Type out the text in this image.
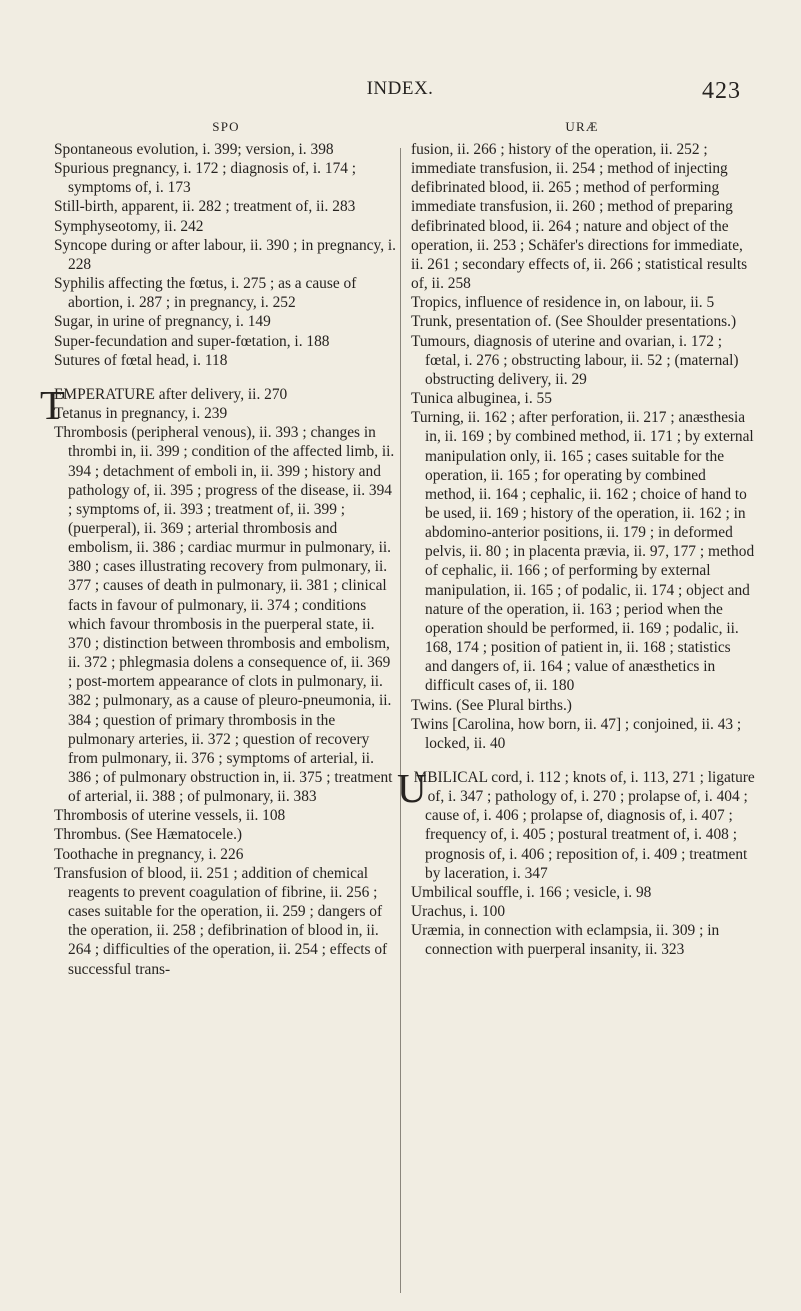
INDEX.	423
SPO	URÆ

Spontaneous evolution, i. 399; version, i. 398

Spurious pregnancy, i. 172 ; diagnosis of, i. 174 ; symptoms of, i. 173

Still-birth, apparent, ii. 282 ; treatment of, ii. 283

Symphyseotomy, ii. 242

Syncope during or after labour, ii. 390 ; in pregnancy, i. 228

Syphilis affecting the fœtus, i. 275 ; as a cause of abortion, i. 287 ; in pregnancy, i. 252

Sugar, in urine of pregnancy, i. 149

Super-fecundation and super-fœtation, i. 188

Sutures of fœtal head, i. 118

TEMPERATURE after delivery, ii. 270

Tetanus in pregnancy, i. 239

Thrombosis (peripheral venous), ii. 393 ; changes in thrombi in, ii. 399 ; condition of the affected limb, ii. 394 ; detachment of emboli in, ii. 399 ; history and pathology of, ii. 395 ; progress of the disease, ii. 394 ; symptoms of, ii. 393 ; treatment of, ii. 399 ; (puerperal), ii. 369 ; arterial thrombosis and embolism, ii. 386 ; cardiac murmur in pulmonary, ii. 380 ; cases illustrating recovery from pulmonary, ii. 377 ; causes of death in pulmonary, ii. 381 ; clinical facts in favour of pulmonary, ii. 374 ; conditions which favour thrombosis in the puerperal state, ii. 370 ; distinction between thrombosis and embolism, ii. 372 ; phlegmasia dolens a consequence of, ii. 369 ; post-mortem appearance of clots in pulmonary, ii. 382 ; pulmonary, as a cause of pleuro-pneumonia, ii. 384 ; question of primary thrombosis in the pulmonary arteries, ii. 372 ; question of recovery from pulmonary, ii. 376 ; symptoms of arterial, ii. 386 ; of pulmonary obstruction in, ii. 375 ; treatment of arterial, ii. 388 ; of pulmonary, ii. 383

Thrombosis of uterine vessels, ii. 108

Thrombus. (See Hæmatocele.)

Toothache in pregnancy, i. 226

Transfusion of blood, ii. 251 ; addition of chemical reagents to prevent coagulation of fibrine, ii. 256 ; cases suitable for the operation, ii. 259 ; dangers of the operation, ii. 258 ; defibrination of blood in, ii. 264 ; difficulties of the operation, ii. 254 ; effects of successful trans-

fusion, ii. 266 ; history of the operation, ii. 252 ; immediate transfusion, ii. 254 ; method of injecting defibrinated blood, ii. 265 ; method of performing immediate transfusion, ii. 260 ; method of preparing defibrinated blood, ii. 264 ; nature and object of the operation, ii. 253 ; Schäfer's directions for immediate, ii. 261 ; secondary effects of, ii. 266 ; statistical results of, ii. 258

Tropics, influence of residence in, on labour, ii. 5

Trunk, presentation of. (See Shoulder presentations.)

Tumours, diagnosis of uterine and ovarian, i. 172 ; fœtal, i. 276 ; obstructing labour, ii. 52 ; (maternal) obstructing delivery, ii. 29

Tunica albuginea, i. 55

Turning, ii. 162 ; after perforation, ii. 217 ; anæsthesia in, ii. 169 ; by combined method, ii. 171 ; by external manipulation only, ii. 165 ; cases suitable for the operation, ii. 165 ; for operating by combined method, ii. 164 ; cephalic, ii. 162 ; choice of hand to be used, ii. 169 ; history of the operation, ii. 162 ; in abdomino-anterior positions, ii. 179 ; in deformed pelvis, ii. 80 ; in placenta prævia, ii. 97, 177 ; method of cephalic, ii. 166 ; of performing by external manipulation, ii. 165 ; of podalic, ii. 174 ; object and nature of the operation, ii. 163 ; period when the operation should be performed, ii. 169 ; podalic, ii. 168, 174 ; position of patient in, ii. 168 ; statistics and dangers of, ii. 164 ; value of anæsthetics in difficult cases of, ii. 180

Twins. (See Plural births.)

Twins [Carolina, how born, ii. 47] ; conjoined, ii. 43 ; locked, ii. 40

UMBILICAL cord, i. 112 ; knots of, i. 113, 271 ; ligature of, i. 347 ; pathology of, i. 270 ; prolapse of, i. 404 ; cause of, i. 406 ; prolapse of, diagnosis of, i. 407 ; frequency of, i. 405 ; postural treatment of, i. 408 ; prognosis of, i. 406 ; reposition of, i. 409 ; treatment by laceration, i. 347

Umbilical souffle, i. 166 ; vesicle, i. 98

Urachus, i. 100

Uræmia, in connection with eclampsia, ii. 309 ; in connection with puerperal insanity, ii. 323
